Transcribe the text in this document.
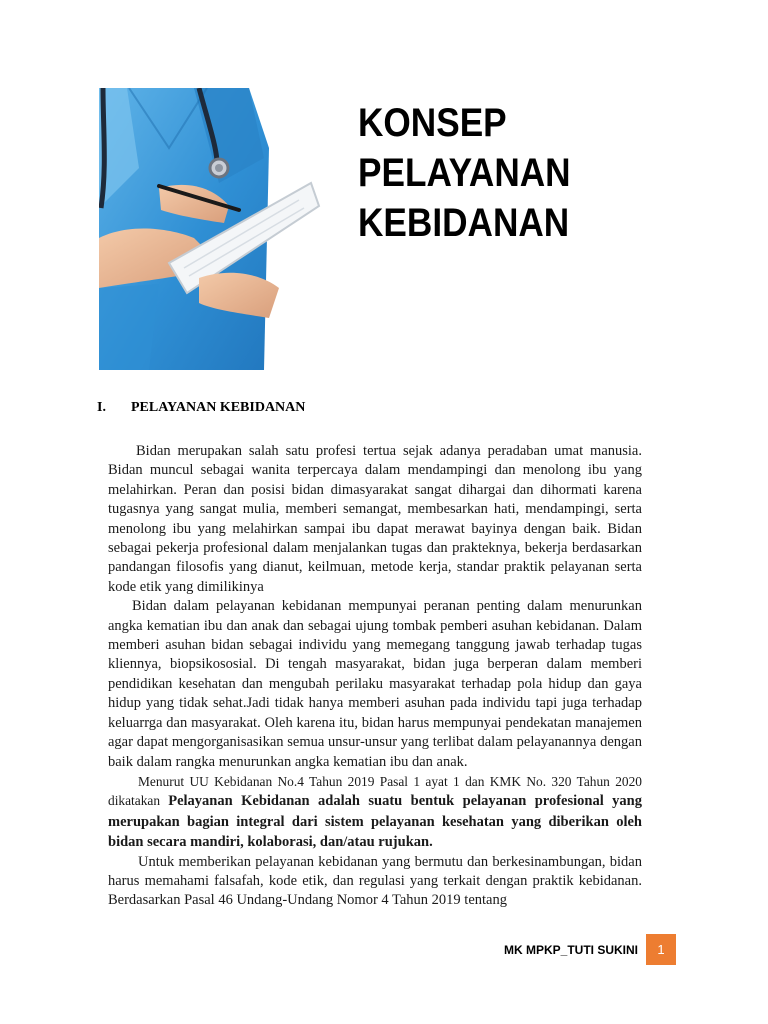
KONSEP
PELAYANAN
KEBIDANAN
I. PELAYANAN KEBIDANAN

Bidan merupakan salah satu profesi tertua sejak adanya peradaban umat manusia. Bidan muncul sebagai wanita terpercaya dalam mendampingi dan menolong ibu yang melahirkan. Peran dan posisi bidan dimasyarakat sangat dihargai dan dihormati karena tugasnya yang sangat mulia, memberi semangat, membesarkan hati, mendampingi, serta menolong ibu yang melahirkan sampai ibu dapat merawat bayinya dengan baik. Bidan sebagai pekerja profesional dalam menjalankan tugas dan prakteknya, bekerja berdasarkan pandangan filosofis yang dianut, keilmuan, metode kerja, standar praktik pelayanan serta kode etik yang dimilikinya

Bidan dalam pelayanan kebidanan mempunyai peranan penting dalam menurunkan angka kematian ibu dan anak dan sebagai ujung tombak pemberi asuhan kebidanan. Dalam memberi asuhan bidan sebagai individu yang memegang tanggung jawab terhadap tugas kliennya, biopsikososial. Di tengah masyarakat, bidan juga berperan dalam memberi pendidikan kesehatan dan mengubah perilaku masyarakat terhadap pola hidup dan gaya hidup yang tidak sehat.Jadi tidak hanya memberi asuhan pada individu tapi juga terhadap keluarrga dan masyarakat. Oleh karena itu, bidan harus mempunyai pendekatan manajemen agar dapat mengorganisasikan semua unsur-unsur yang terlibat dalam pelayanannya dengan baik dalam rangka menurunkan angka kematian ibu dan anak.

Menurut UU Kebidanan No.4 Tahun 2019 Pasal 1 ayat 1 dan KMK No. 320 Tahun 2020 dikatakan Pelayanan Kebidanan adalah suatu bentuk pelayanan profesional yang merupakan bagian integral dari sistem pelayanan kesehatan yang diberikan oleh bidan secara mandiri, kolaborasi, dan/atau rujukan.

Untuk memberikan pelayanan kebidanan yang bermutu dan berkesinambungan, bidan harus memahami falsafah, kode etik, dan regulasi yang terkait dengan praktik kebidanan. Berdasarkan Pasal 46 Undang-Undang Nomor 4 Tahun 2019 tentang

MK MPKP_TUTI SUKINI	1
